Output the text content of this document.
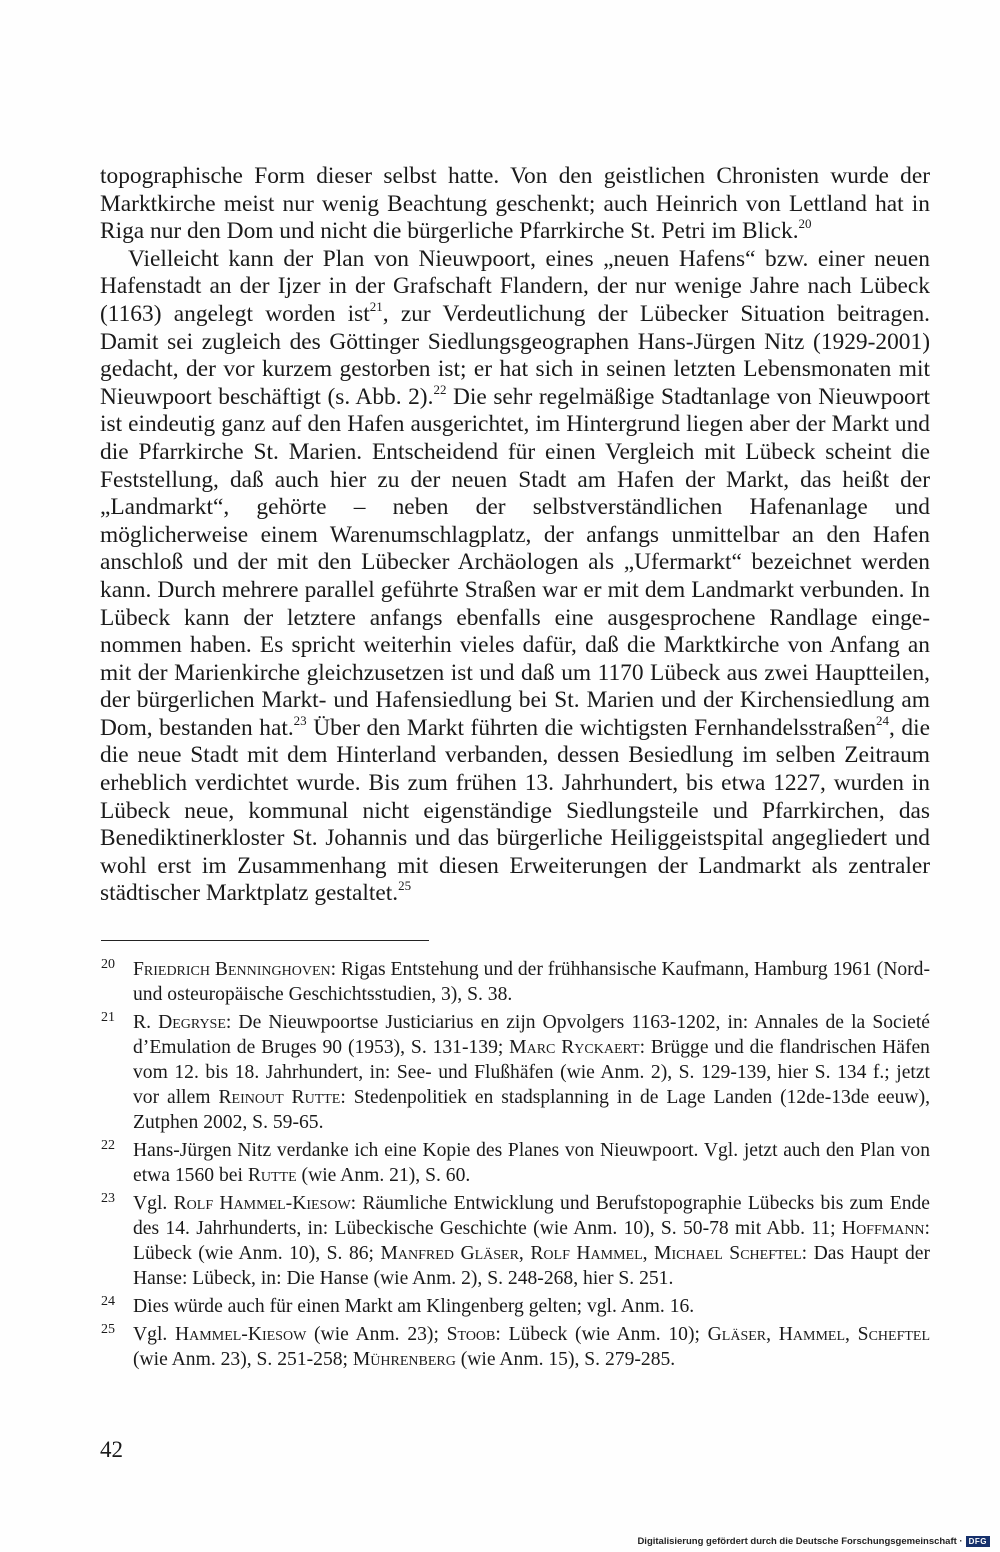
topographische Form dieser selbst hatte. Von den geistlichen Chronisten wurde der Marktkirche meist nur wenig Beachtung geschenkt; auch Heinrich von Lettland hat in Riga nur den Dom und nicht die bürgerliche Pfarrkirche St. Petri im Blick.$^{20}$

Vielleicht kann der Plan von Nieuwpoort, eines „neuen Hafens“ bzw. einer neuen Hafenstadt an der Ijzer in der Grafschaft Flandern, der nur wenige Jahre nach Lübeck (1163) angelegt worden ist$^{21}$, zur Verdeutlichung der Lübecker Situation beitragen. Damit sei zugleich des Göttinger Siedlungsgeographen Hans-Jürgen Nitz (1929-2001) gedacht, der vor kurzem gestorben ist; er hat sich in seinen letzten Lebensmonaten mit Nieuwpoort beschäftigt (s. Abb. 2).$^{22}$ Die sehr regelmäßige Stadtanlage von Nieuwpoort ist eindeutig ganz auf den Hafen ausgerichtet, im Hintergrund liegen aber der Markt und die Pfarrkirche St. Marien. Entscheidend für einen Vergleich mit Lübeck scheint die Feststellung, daß auch hier zu der neuen Stadt am Hafen der Markt, das heißt der „Landmarkt“, gehörte – neben der selbstverständlichen Hafenanlage und möglicherweise einem Warenumschlagplatz, der anfangs unmittelbar an den Hafen anschloß und der mit den Lübecker Archäologen als „Ufermarkt“ bezeichnet werden kann. Durch mehrere parallel geführte Straßen war er mit dem Landmarkt verbunden. In Lübeck kann der letztere anfangs ebenfalls eine ausgesprochene Randlage eingenommen haben. Es spricht weiterhin vieles dafür, daß die Marktkirche von Anfang an mit der Marienkirche gleichzusetzen ist und daß um 1170 Lübeck aus zwei Hauptteilen, der bürgerlichen Markt- und Hafensiedlung bei St. Marien und der Kirchensiedlung am Dom, bestanden hat.$^{23}$ Über den Markt führten die wichtigsten Fernhandelsstraßen$^{24}$, die die neue Stadt mit dem Hinterland verbanden, dessen Besiedlung im selben Zeitraum erheblich verdichtet wurde. Bis zum frühen 13. Jahrhundert, bis etwa 1227, wurden in Lübeck neue, kommunal nicht eigenständige Siedlungsteile und Pfarrkirchen, das Benediktinerkloster St. Johannis und das bürgerliche Heiliggeistspital angegliedert und wohl erst im Zusammenhang mit diesen Erweiterungen der Landmarkt als zentraler städtischer Marktplatz gestaltet.$^{25}$

20 Friedrich Benninghoven: Rigas Entstehung und der frühhansische Kaufmann, Hamburg 1961 (Nord- und osteuropäische Geschichtsstudien, 3), S. 38.
21 R. Degryse: De Nieuwpoortse Justiciarius en zijn Opvolgers 1163-1202, in: Annales de la Societé d’Emulation de Bruges 90 (1953), S. 131-139; Marc Ryckaert: Brügge und die flandrischen Häfen vom 12. bis 18. Jahrhundert, in: See- und Flußhäfen (wie Anm. 2), S. 129-139, hier S. 134 f.; jetzt vor allem Reinout Rutte: Stedenpolitiek en stadsplanning in de Lage Landen (12de-13de eeuw), Zutphen 2002, S. 59-65.
22 Hans-Jürgen Nitz verdanke ich eine Kopie des Planes von Nieuwpoort. Vgl. jetzt auch den Plan von etwa 1560 bei Rutte (wie Anm. 21), S. 60.
23 Vgl. Rolf Hammel-Kiesow: Räumliche Entwicklung und Berufstopographie Lübecks bis zum Ende des 14. Jahrhunderts, in: Lübeckische Geschichte (wie Anm. 10), S. 50-78 mit Abb. 11; Hoffmann: Lübeck (wie Anm. 10), S. 86; Manfred Gläser, Rolf Hammel, Michael Scheftel: Das Haupt der Hanse: Lübeck, in: Die Hanse (wie Anm. 2), S. 248-268, hier S. 251.
24 Dies würde auch für einen Markt am Klingenberg gelten; vgl. Anm. 16.
25 Vgl. Hammel-Kiesow (wie Anm. 23); Stoob: Lübeck (wie Anm. 10); Gläser, Hammel, Scheftel (wie Anm. 23), S. 251-258; Mührenberg (wie Anm. 15), S. 279-285.
42
Digitalisierung gefördert durch die Deutsche Forschungsgemeinschaft · DFG
